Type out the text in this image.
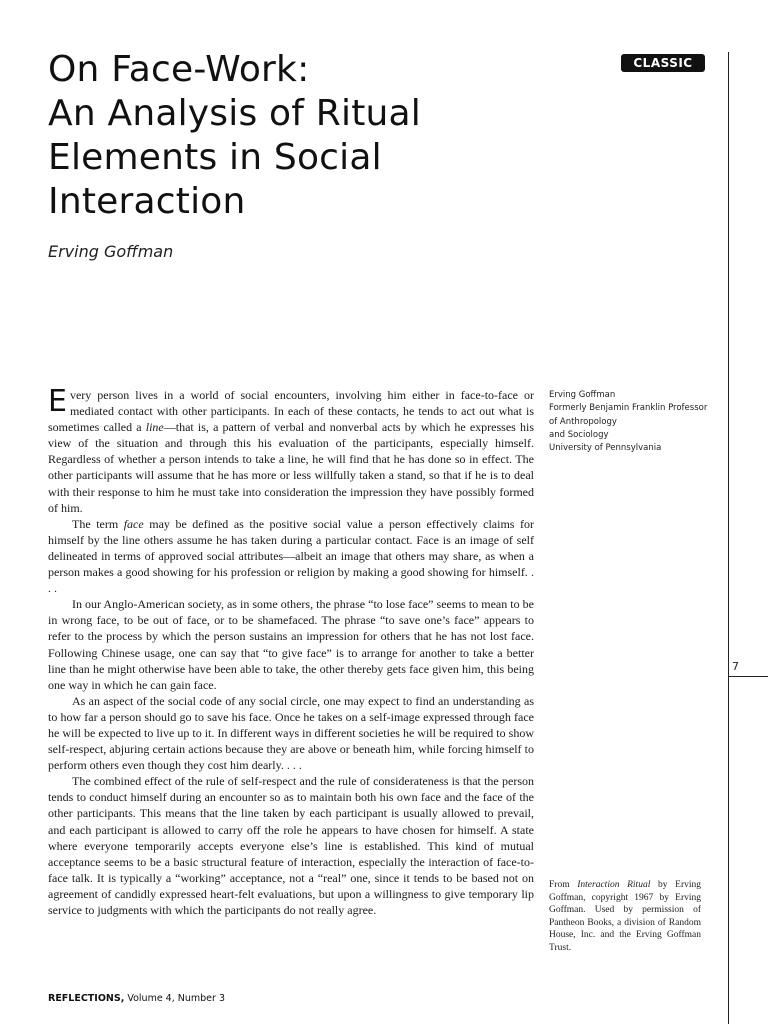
On Face-Work:
An Analysis of Ritual
Elements in Social
Interaction
Erving Goffman
CLASSIC
7

Every person lives in a world of social encounters, involving him either in face-to-face or mediated contact with other participants. In each of these contacts, he tends to act out what is sometimes called a line—that is, a pattern of verbal and nonverbal acts by which he expresses his view of the situation and through this his evaluation of the participants, especially himself. Regardless of whether a person intends to take a line, he will find that he has done so in effect. The other participants will assume that he has more or less willfully taken a stand, so that if he is to deal with their response to him he must take into consideration the impression they have possibly formed of him.

The term face may be defined as the positive social value a person effectively claims for himself by the line others assume he has taken during a particular contact. Face is an image of self delineated in terms of approved social attributes—albeit an image that others may share, as when a person makes a good showing for his profession or religion by making a good showing for himself. . . .

In our Anglo-American society, as in some others, the phrase “to lose face” seems to mean to be in wrong face, to be out of face, or to be shamefaced. The phrase “to save one’s face” appears to refer to the process by which the person sustains an impression for others that he has not lost face. Following Chinese usage, one can say that “to give face” is to arrange for another to take a better line than he might otherwise have been able to take, the other thereby gets face given him, this being one way in which he can gain face.

As an aspect of the social code of any social circle, one may expect to find an understanding as to how far a person should go to save his face. Once he takes on a self-image expressed through face he will be expected to live up to it. In different ways in different societies he will be required to show self-respect, abjuring certain actions because they are above or beneath him, while forcing himself to perform others even though they cost him dearly. . . .

The combined effect of the rule of self-respect and the rule of considerateness is that the person tends to conduct himself during an encounter so as to maintain both his own face and the face of the other participants. This means that the line taken by each participant is usually allowed to prevail, and each participant is allowed to carry off the role he appears to have chosen for himself. A state where everyone temporarily accepts everyone else’s line is established. This kind of mutual acceptance seems to be a basic structural feature of interaction, especially the interaction of face-to-face talk. It is typically a “working” acceptance, not a “real” one, since it tends to be based not on agreement of candidly expressed heart-felt evaluations, but upon a willingness to give temporary lip service to judgments with which the participants do not really agree.

Erving Goffman
Formerly Benjamin Franklin Professor
of Anthropology
and Sociology
University of Pennsylvania
From Interaction Ritual by Erving Goffman, copyright 1967 by Erving Goffman. Used by permission of Pantheon Books, a division of Random House, Inc. and the Erving Goffman Trust.
REFLECTIONS, Volume 4, Number 3
